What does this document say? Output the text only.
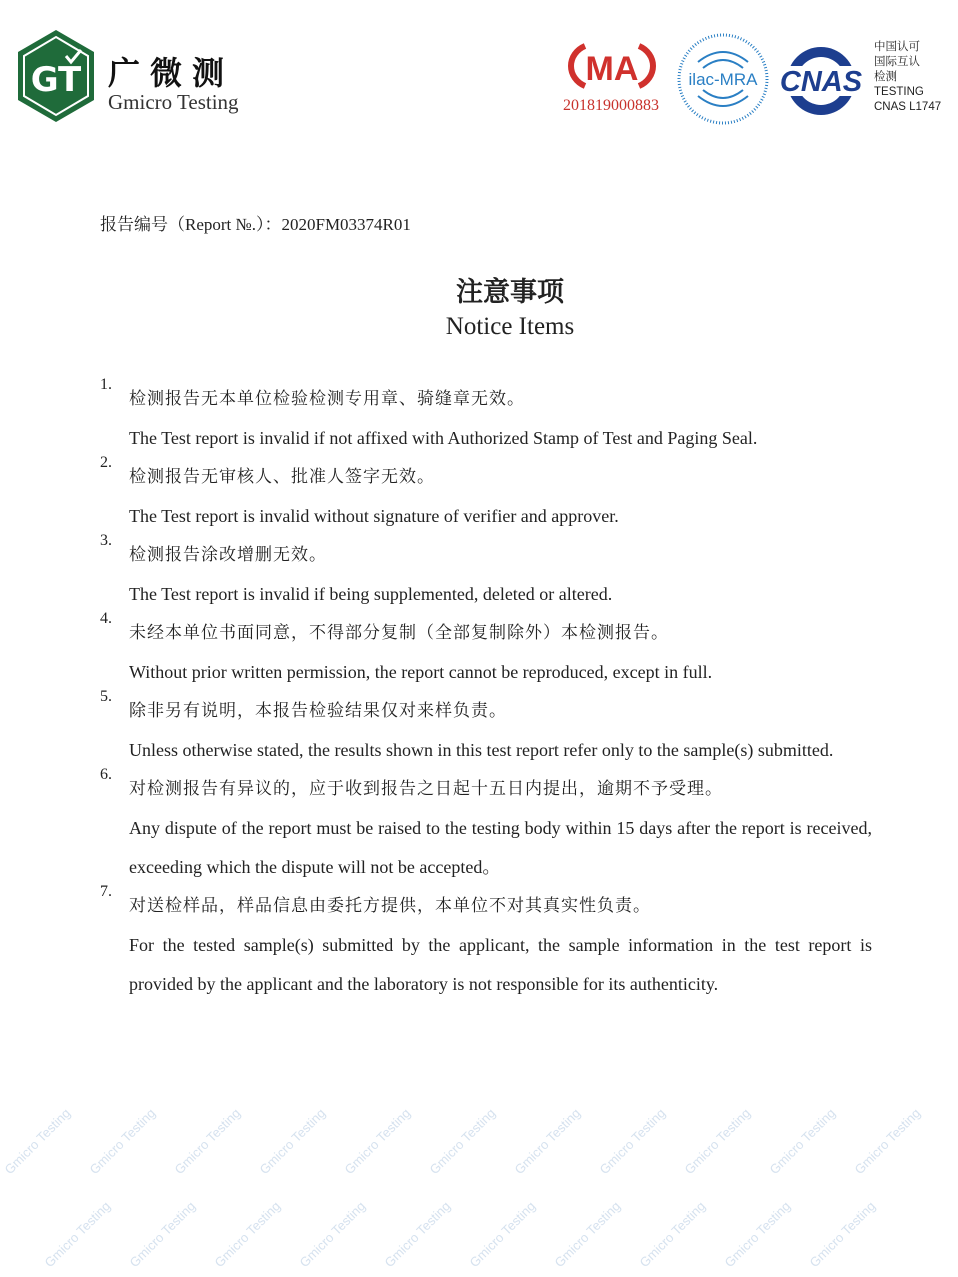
Gmicro Testing Gmicro Testing Gmicro Testing Gmicro Testing Gmicro Testing Gmicro Testing Gmicro Testing Gmicro Testing Gmicro Testing Gmicro Testing Gmicro Testing
Gmicro Testing Gmicro Testing Gmicro Testing Gmicro Testing Gmicro Testing Gmicro Testing Gmicro Testing Gmicro Testing Gmicro Testing Gmicro Testing
GT 广微测
Gmicro Testing
MA
201819000883
ilac-MRA CNAS
中国认可
国际互认
检测
TESTING
CNAS L1747
报告编号（Report №.）：2020FM03374R01
注意事项
Notice Items
1.
检测报告无本单位检验检测专用章、骑缝章无效。
The Test report is invalid if not affixed with Authorized Stamp of Test and Paging Seal.
2.
检测报告无审核人、批准人签字无效。
The Test report is invalid without signature of verifier and approver.
3.
检测报告涂改增删无效。
The Test report is invalid if being supplemented, deleted or altered.
4.
未经本单位书面同意，不得部分复制（全部复制除外）本检测报告。
Without prior written permission, the report cannot be reproduced, except in full.
5.
除非另有说明，本报告检验结果仅对来样负责。
Unless otherwise stated, the results shown in this test report refer only to the sample(s) submitted.
6.
对检测报告有异议的，应于收到报告之日起十五日内提出，逾期不予受理。
Any dispute of the report must be raised to the testing body within 15 days after the report is received, exceeding which the dispute will not be accepted。
7.
对送检样品，样品信息由委托方提供，本单位不对其真实性负责。
For the tested sample(s) submitted by the applicant, the sample information in the test report is provided by the applicant and the laboratory is not responsible for its authenticity.
